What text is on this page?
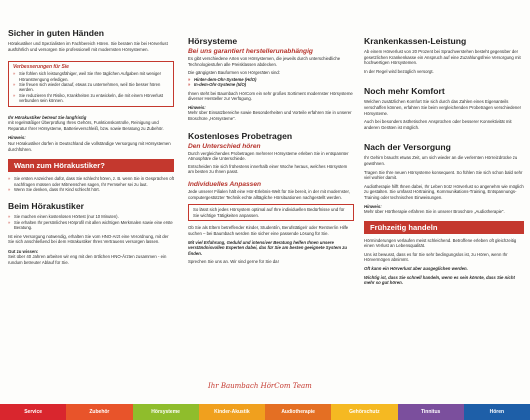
Sicher in guten Händen

Hörakustiker und Spezialisten im Fachbereich Hören. Sie beraten Sie bei Hörverlust ausführlich und versorgen Sie professionell mit modernsten Hörsystemen.

Verbesserungen für Sie
» Sie fühlen sich leistungsfähiger, weil Sie Ihre täglichen Aufgaben mit weniger Höranstrengung erledigen.
» Sie freuen sich wieder darauf, etwas zu unternehmen, weil Sie besser hören werden.
» Sie reduzieren Ihr Risiko, Krankheiten zu entwickeln, die mit einem Hörverlust verbunden sein können.

Ihr Hörakustiker betreut Sie langfristig

mit regelmäßiger Überprüfung Ihres Gehörs, Funktionskontrolle, Reinigung und Reparatur Ihrer Hörsysteme, Batterieverschleiß, bzw. sowie Beratung zu Zubehör.

Hinweis:

Nur Hörakustiker dürfen in Deutschland die vollständige Versorgung mit Hörsystemen durchführen.

Wann zum Hörakustiker?
» Sie ersten Anzeichen dafür, dass Sie schlecht hören, z. B. wenn Sie in Gesprächen oft nachfragen müssen oder Mitmenschen sagen, Ihr Fernseher sei zu laut.
» Wenn Sie denken, dass Ihr Kind schlecht hört.
Beim Hörakustiker
» Sie machen einen kostenlosen Hörtest (nur 10 Minuten).
» Sie erhalten Ihr persönliches Hörprofil mit allen wichtigen Merkmalen sowie eine erste Beratung.

Ist eine Versorgung notwendig, erhalten Sie vom HNO-Arzt eine Verordnung, mit der Sie sich anschließend bei dem Hörakustiker Ihres Vertrauens versorgen lassen.

Gut zu wissen:

Seit über 40 Jahren arbeiten wir eng mit den örtlichen HNO-Ärzten zusammen - ein rundum betreuter Ablauf für Sie.

Hörsysteme
Bei uns garantiert herstellerunabhängig

Es gibt verschiedene Arten von Hörsystemen, die jeweils durch unterschiedliche Technologiestufen alle Preisklassen abdecken.

Die gängigsten Bauformen von Hörgeräten sind:

» Hinter-dem-Ohr-Systeme (HdO)
» In-dem-Ohr-Systeme (IdO)

Ihnen steht bei Baumbach HörCom ein sehr großes Sortiment modernster Hörsysteme diverser Hersteller zur Verfügung.

Hinweis:

Mehr über Einsatzbereiche sowie Besonderheiten und Vorteile erfahren Sie in unserer Broschüre „Hörsysteme“.

Kostenloses Probetragen
Den Unterschied hören

Durch vergleichendes Probetragen mehrerer Hörsysteme erleben Sie in entspannter Atmosphäre die Unterschiede.

Entscheiden Sie sich frühestens innerhalb einer Woche heraus, welches Hörsystem am besten zu Ihnen passt.

Individuelles Anpassen

Jede unserer Filialen hält eine Hör-Erlebnis-Welt für Sie bereit, in der mit modernster, computergestützter Technik echte alltägliche Hörsituationen nachgestellt werden.

So lässt sich jedes Hörsystem optimal auf Ihre individuellen Bedürfnisse und für Sie wichtige Tätigkeiten anpassen.

Ob Sie als Eltern betreffender Kinder, Student/in, Berufstätige/r oder Rentner/in Hilfe suchen – bei Baumbach werden Sie sicher eine passende Lösung für Sie.

Mit viel Erfahrung, Geduld und intensiver Beratung helfen Ihnen unsere verständnisvollen Experten dabei, das für Sie am besten geeignete System zu finden.

Sprechen Sie uns an. Wir sind gerne für Sie da!

Ihr Baumbach HörCom Team
Krankenkassen-Leistung

Ab einem Hörverlust von 20 Prozent bei Sprachverstehen besteht gegenüber der gesetzlichen Krankenkasse ein Anspruch auf eine Zuzahlungsfreie Versorgung mit hochwertigen Hörsystemen.

In der Regel wird bezüglich versorgt.

Noch mehr Komfort

Welchen zusätzlichen Komfort Sie sich durch das Zahlen eines Eigenanteils verschaffen können, erfahren Sie beim vergleichenden Probetragen verschiedener Hörsysteme.

Auch bei besonders ästhetischen Ansprüchen oder besserer Konnektivität mit anderen Geräten ist möglich.

Nach der Versorgung

Ihr Gehirn braucht etwas Zeit, um sich wieder an die verlernten Hörreizdrücke zu gewöhnen.

Tragen Sie Ihre neuen Hörsysteme konsequent. So fühlen Sie sich schon bald sehr viel wohler damit.

Audiotherapie hilft Ihnen dabei, Ihr Leben trotz Hörverlust so angenehm wie möglich zu gestalten. Sie umfasst Hörtraining, Kommunikations-Training, Entspannungs-Training oder technischen Einweisungen.

Hinweis:

Mehr über Hörtherapie erfahren Sie in unserer Broschüre „Audiotherapie“.

Frühzeitig handeln

Hörminderungen verlaufen meist schleichend. Betroffene erleben oft gleichzeitig einen Verlust an Lebensqualität.

Uns ist bewusst, dass es für Sie sehr bedingungslos ist, zu Hören, wenn Ihr Hörvermögen abnimmt.

Oft kann ein Hörverlust aber ausgeglichen werden.

Wichtig ist, dass Sie schnell handeln, wenn es sein könnte, dass Sie nicht mehr so gut hören.

Service	Zubehör	Hörsysteme	Kinder-Akustik	Audiotherapie	Gehörschutz	Tinnitus	Hören
